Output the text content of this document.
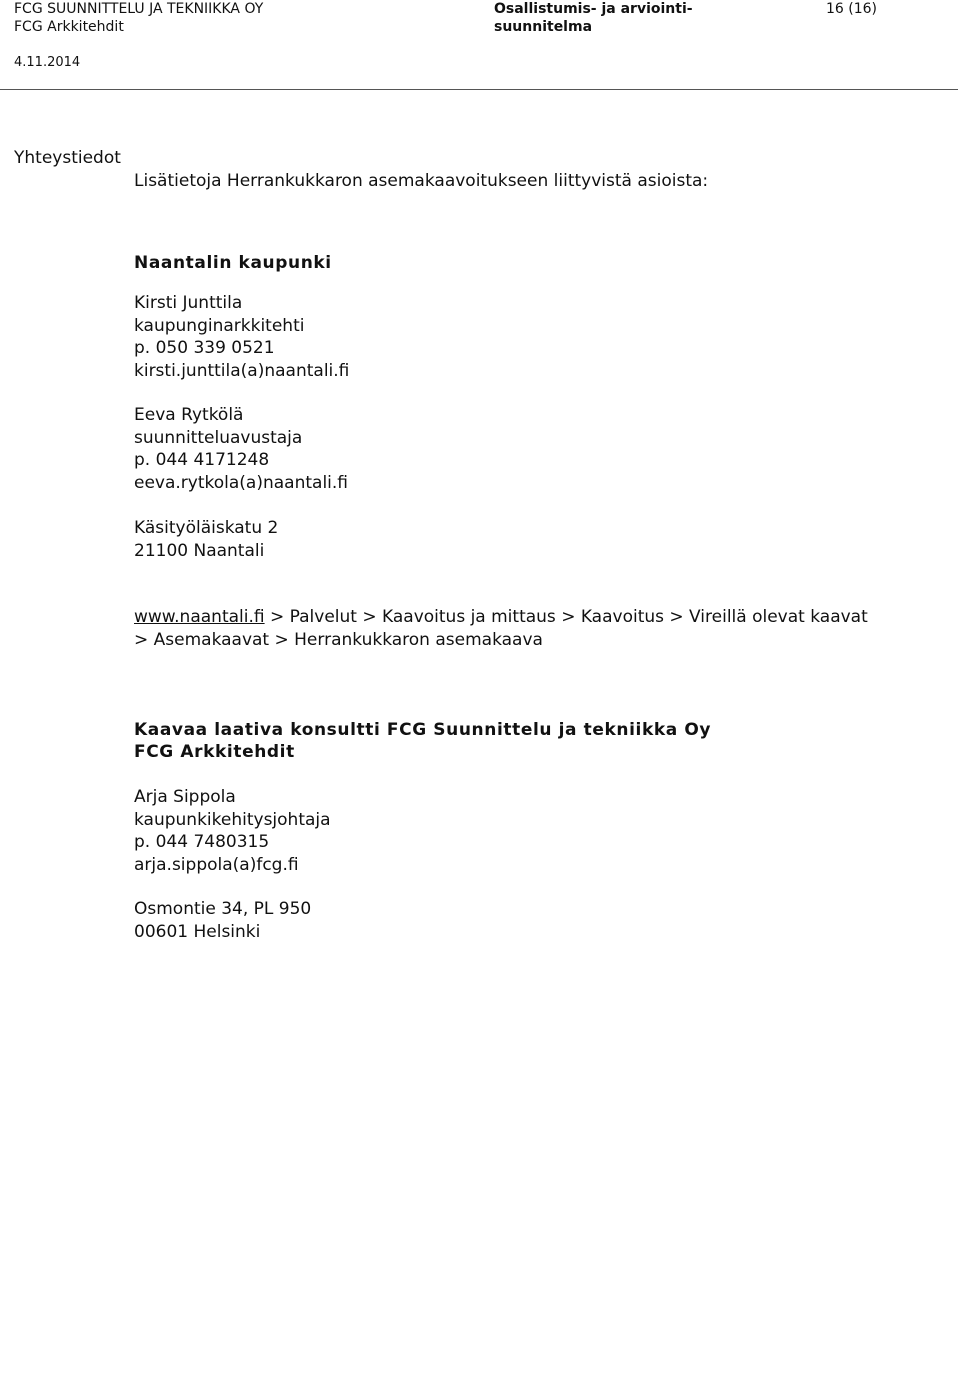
FCG SUUNNITTELU JA TEKNIIKKA OY
FCG Arkkitehdit
Osallistumis- ja arviointi-
suunnitelma
16 (16)
4.11.2014
Yhteystiedot
Lisätietoja Herrankukkaron asemakaavoitukseen liittyvistä asioista:
Naantalin kaupunki
Kirsti Junttila
kaupunginarkkitehti
p. 050 339 0521
kirsti.junttila(a)naantali.fi
Eeva Rytkölä
suunnitteluavustaja
p. 044 4171248
eeva.rytkola(a)naantali.fi
Käsityöläiskatu 2
21100 Naantali
www.naantali.fi > Palvelut > Kaavoitus ja mittaus > Kaavoitus > Vireillä olevat kaavat
> Asemakaavat > Herrankukkaron asemakaava
Kaavaa laativa konsultti FCG Suunnittelu ja tekniikka Oy
FCG Arkkitehdit
Arja Sippola
kaupunkikehitysjohtaja
p. 044 7480315
arja.sippola(a)fcg.fi
Osmontie 34, PL 950
00601 Helsinki
